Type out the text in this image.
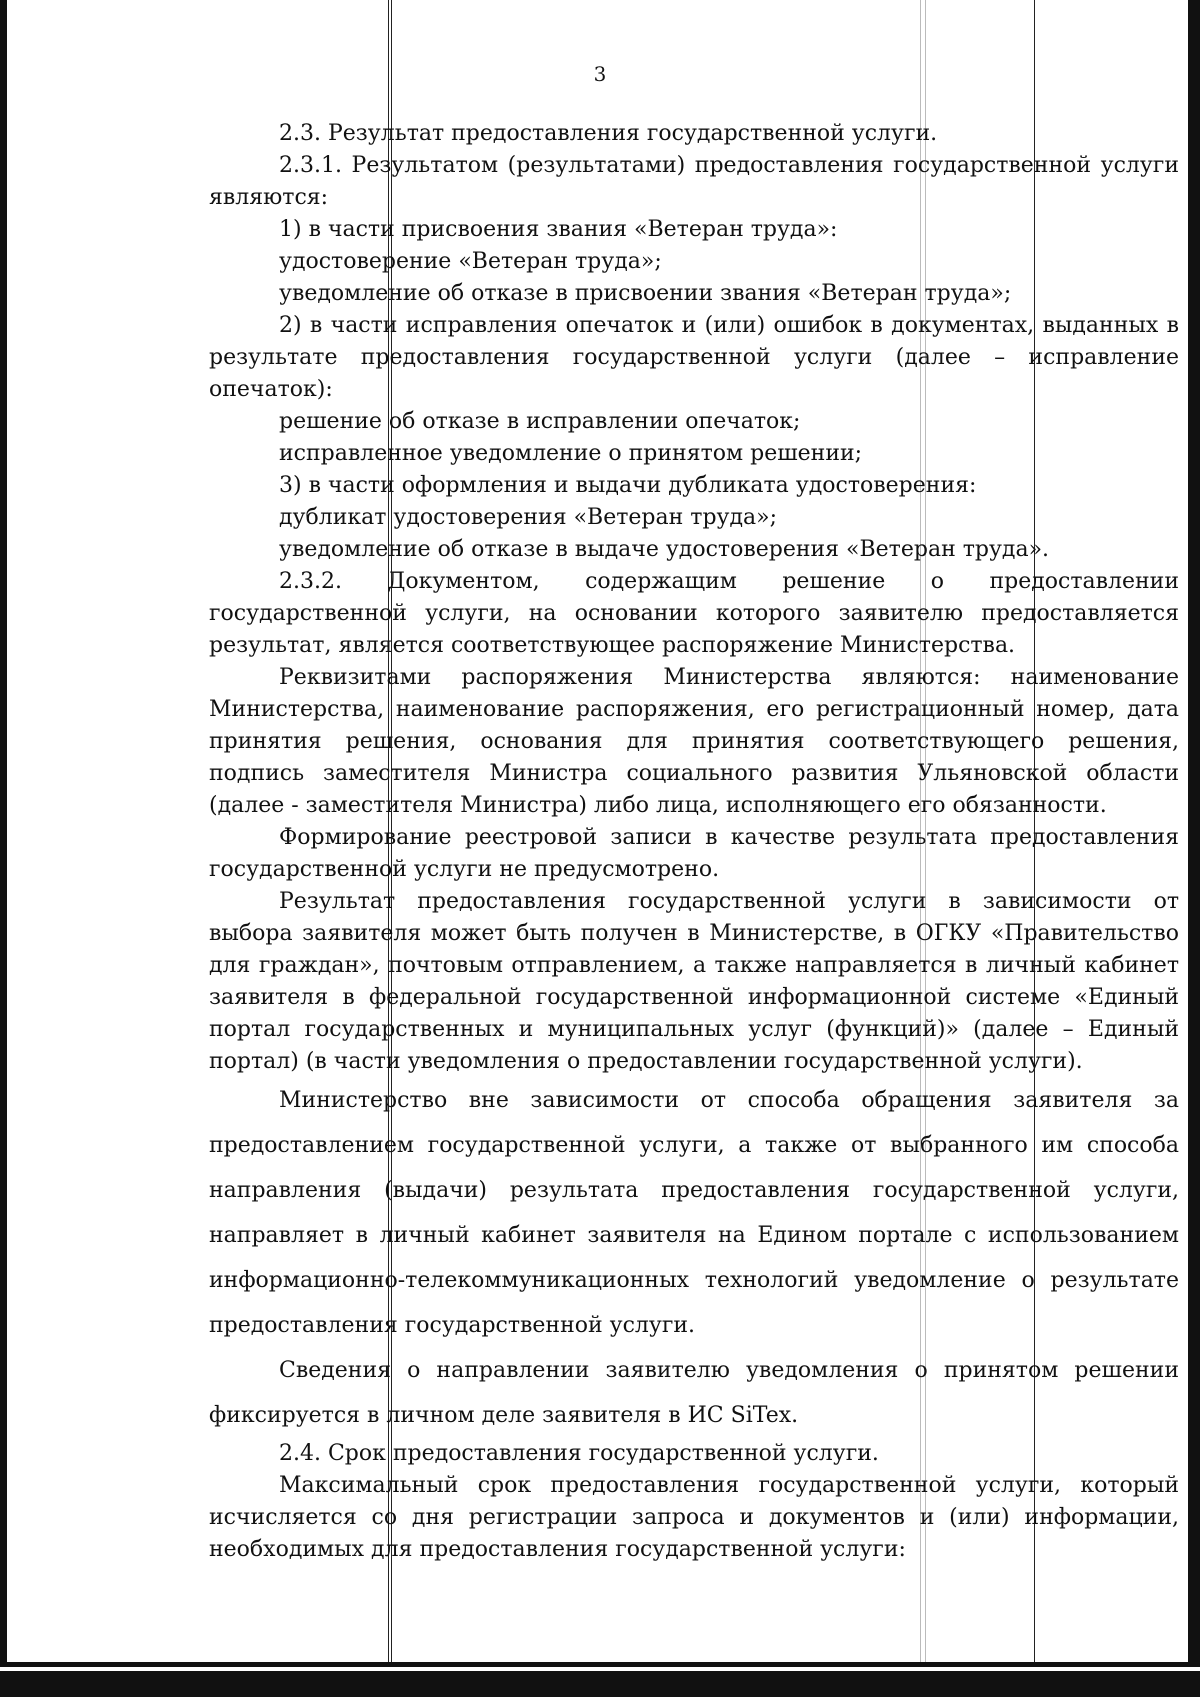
3

2.3. Результат предоставления государственной услуги.

2.3.1. Результатом (результатами) предоставления государственной услуги являются:

1) в части присвоения звания «Ветеран труда»:

удостоверение «Ветеран труда»;

уведомление об отказе в присвоении звания «Ветеран труда»;

2) в части исправления опечаток и (или) ошибок в документах, выданных в результате предоставления государственной услуги (далее – исправление опечаток):

решение об отказе в исправлении опечаток;

исправленное уведомление о принятом решении;

3) в части оформления и выдачи дубликата удостоверения:

дубликат удостоверения «Ветеран труда»;

уведомление об отказе в выдаче удостоверения «Ветеран труда».

2.3.2. Документом, содержащим решение о предоставлении государственной услуги, на основании которого заявителю предоставляется результат, является соответствующее распоряжение Министерства.

Реквизитами распоряжения Министерства являются: наименование Министерства, наименование распоряжения, его регистрационный номер, дата принятия решения, основания для принятия соответствующего решения, подпись заместителя Министра социального развития Ульяновской области (далее - заместителя Министра) либо лица, исполняющего его обязанности.

Формирование реестровой записи в качестве результата предоставления государственной услуги не предусмотрено.

Результат предоставления государственной услуги в зависимости от выбора заявителя может быть получен в Министерстве, в ОГКУ «Правительство для граждан», почтовым отправлением, а также направляется в личный кабинет заявителя в федеральной государственной информационной системе «Единый портал государственных и муниципальных услуг (функций)» (далее – Единый портал) (в части уведомления о предоставлении государственной услуги).

Министерство вне зависимости от способа обращения заявителя за предоставлением государственной услуги, а также от выбранного им способа направления (выдачи) результата предоставления государственной услуги, направляет в личный кабинет заявителя на Едином портале с использованием информационно-телекоммуникационных технологий уведомление о результате предоставления государственной услуги.

Сведения о направлении заявителю уведомления о принятом решении фиксируется в личном деле заявителя в ИС SiTex.

2.4. Срок предоставления государственной услуги.

Максимальный срок предоставления государственной услуги, который исчисляется со дня регистрации запроса и документов и (или) информации, необходимых для предоставления государственной услуги:
